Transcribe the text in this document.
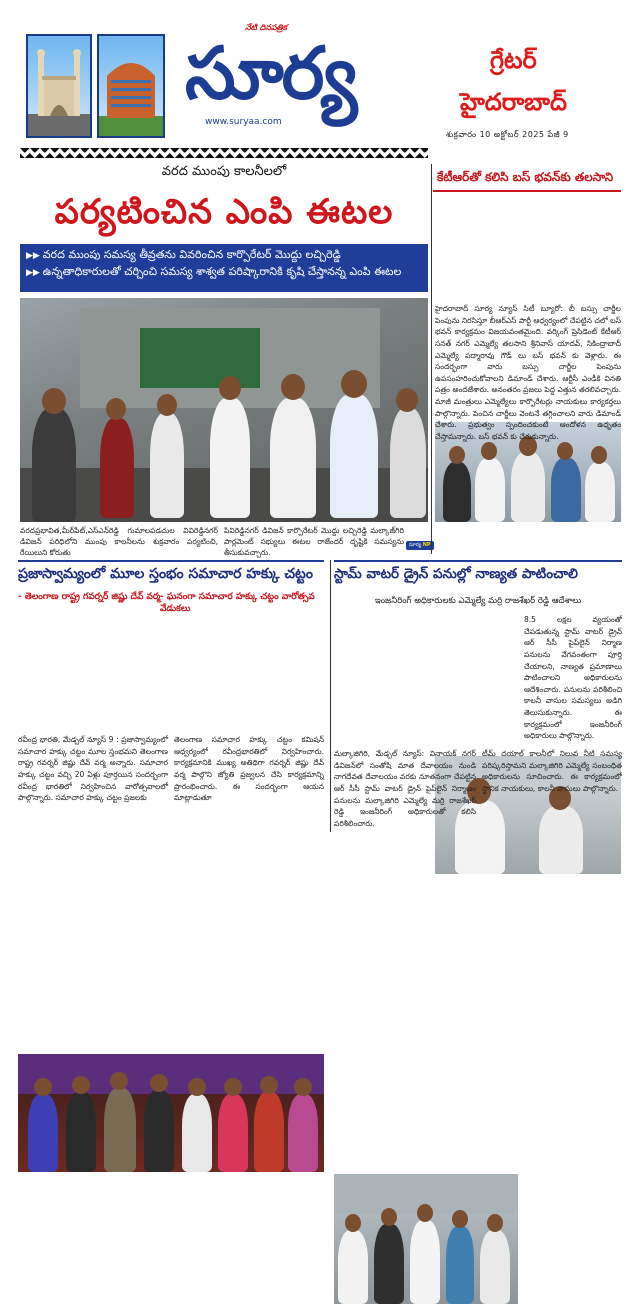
నేటి దినపత్రిక
సూర్య
www.suryaa.com
గ్రేటర్
హైదరాబాద్
శుక్రవారం 10 అక్టోబర్ 2025 పేజీ 9
వరద ముంపు కాలనీలలో
పర్యటించిన ఎంపి ఈటల
▶▶ వరద ముంపు సమస్య తీవ్రతను వివరించిన కార్పొరేటర్ మొద్దు లచ్చిరెడ్డి
▶▶ ఉన్నతాధికారులతో చర్చించి సమస్య శాశ్వత పరిష్కారానికి కృషి చేస్తానన్న ఎంపి ఈటల
వరదప్రభావిత,మీర్‌పేట్,ఎస్ఎన్‌రెడ్డి గుమాలపడచుల వివిరెడ్డినగర్ డివిజన్ పరిధిలోని ముంపు కాలనీలను శుక్రవారం పర్యటించి, రేయిలుని కోరుతు
పివిరెడ్డినగర్ డివిజన్ కార్పొరేటర్ మొద్దు లచ్చిరెడ్డి మల్కాజ్‌గిరి పార్లమెంట్ సభ్యులు ఈటల రాజేందర్ దృష్టికి సమస్యను తీసుకువచ్చారు.
సూర్య NP
కేటీఆర్‌తో కలిసి బస్ భవన్‌కు తలసాని
హైదరాబాద్ సూర్య న్యూస్ సిటీ బ్యూరో: బీ బస్సు చార్జీల పెంపును నిరసిస్తూ బీఆర్ఎస్ పార్టీ ఆధ్వర్యంలో చేపట్టిన చలో బస్ భవన్ కార్యక్రమం విజయవంతమైంది. వర్కింగ్ ప్రెసిడెంట్ కేటీఆర్ సనత్ నగర్ ఎమ్మెల్యే తలసాని శ్రీనివాస్ యాదవ్, సికింద్రాబాద్ ఎమ్మెల్యే పద్మారావు గౌడ్ లు బస్ భవన్ కు వెళ్లారు. ఈ సందర్భంగా వారు బస్సు చార్జీల పెంపును ఉపసంహరించుకోవాలని డిమాండ్ చేశారు. ఆర్టీసీ ఎండీకి వినతి పత్రం అందజేశారు. అనంతరం ప్రజలు పెద్ద ఎత్తున తరలివచ్చారు. మాజీ మంత్రులు ఎమ్మెల్యేలు కార్పొరేటర్లు నాయకులు కార్యకర్తలు పాల్గొన్నారు. పెంచిన చార్జీలు వెంటనే తగ్గించాలని వారు డిమాండ్ చేశారు. ప్రభుత్వం స్పందించకుంటే ఆందోళన ఉధృతం చేస్తామన్నారు. బస్ భవన్ కు చేరుకున్నారు.
ప్రజాస్వామ్యంలో మూల స్తంభం సమాచార హక్కు చట్టం
- తెలంగాణ రాష్ట్ర గవర్నర్ జిష్ణు దేవ్ వర్మ - ఘనంగా సమాచార హక్కు చట్టం వారోత్సవ వేడుకలు
రవీంద్ర భారతి, మేడ్చల్ న్యూస్ 9 : ప్రజాస్వామ్యంలో సమాచార హక్కు చట్టం మూల స్తంభమని తెలంగాణ రాష్ట్ర గవర్నర్ జిష్ణు దేవ్ వర్మ అన్నారు. సమాచార హక్కు చట్టం వచ్చి 20 ఏళ్లు పూర్తయిన సందర్భంగా రవీంద్ర భారతిలో నిర్వహించిన వారోత్సవాలలో పాల్గొన్నారు. సమాచార హక్కు చట్టం ప్రజలకు
తెలంగాణ సమాచార హక్కు చట్టం కమిషన్ ఆధ్వర్యంలో రవీంద్రభారతిలో నిర్వహించారు. కార్యక్రమానికి ముఖ్య అతిథిగా గవర్నర్ జిష్ణు దేవ్ వర్మ పాల్గొని జ్యోతి ప్రజ్వలన చేసి కార్యక్రమాన్ని ప్రారంభించారు. ఈ సందర్భంగా ఆయన మాట్లాడుతూ
స్టామ్ వాటర్ డ్రైన్ పనుల్లో నాణ్యత పాటించాలి
ఇంజనీరింగ్ అధికారులకు ఎమ్మెల్యే మర్రి రాజశేఖర్ రెడ్డి ఆదేశాలు
8.5 లక్షల వ్యయంతో చేపడుతున్న స్టామ్ వాటర్ డ్రైన్ ఆర్ సీసీ పైప్‌లైన్ నిర్మాణ పనులను వేగవంతంగా పూర్తి చేయాలని, నాణ్యత ప్రమాణాలు పాటించాలని అధికారులను ఆదేశించారు. పనులను పరిశీలించి కాలనీ వాసుల సమస్యలు అడిగి తెలుసుకున్నారు. ఈ కార్యక్రమంలో ఇంజనీరింగ్ అధికారులు పాల్గొన్నారు.
మల్కాజిగిరి, మేడ్చల్ న్యూస్: వినాయక్ నగర్ డివిజన్‌లో సంతోషి మాత దేవాలయం నుండి నాగదేవత దేవాలయం వరకు నూతనంగా చేపట్టిన ఆర్ సీసీ స్టామ్ వాటర్ డ్రైన్ పైప్‌లైన్ నిర్మాణం పనులను మల్కాజిగిరి ఎమ్మెల్యే మర్రి రాజశేఖర్ రెడ్డి ఇంజనీరింగ్ అధికారులతో కలిసి పరిశీలించారు.
టీమ్ దయాల్ కాలనీలో నిలువ నీటి సమస్య పరిష్కరిస్తామని మల్కాజిగిరి ఎమ్మెల్యే సంబంధిత అధికారులను సూచించారు. ఈ కార్యక్రమంలో స్థానిక నాయకులు, కాలనీ వాసులు పాల్గొన్నారు.
